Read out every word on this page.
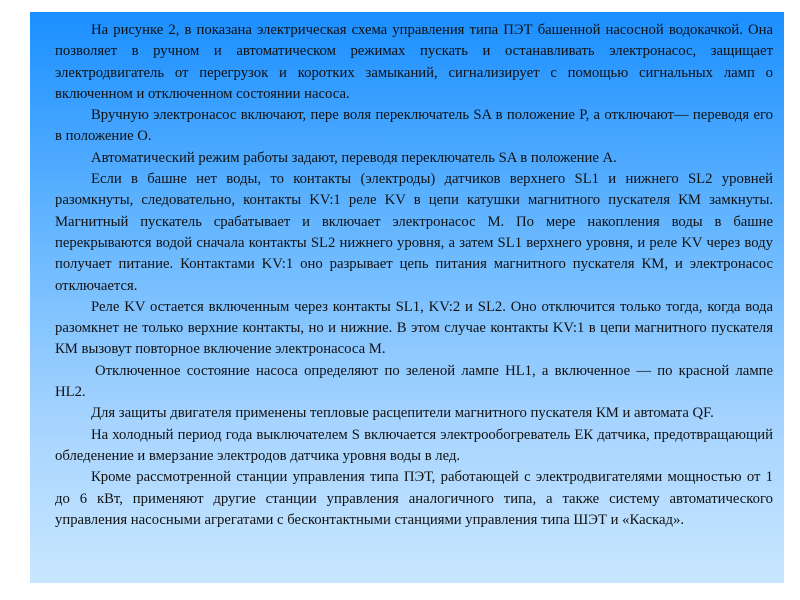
На рисунке 2, в показана электрическая схема управления типа ПЭТ башенной насосной водокачкой. Она позволяет в ручном и автоматическом режимах пускать и останавливать электронасос, защищает электродвигатель от перегрузок и коротких замыканий, сигнализирует с помощью сигнальных ламп о включенном и отключенном состоянии насоса.

Вручную электронасос включают, пере воля переключатель SA в положение Р, а отключают— переводя его в положение О.

Автоматический режим работы задают, переводя переключатель SA в положение А.

Если в башне нет воды, то контакты (электроды) датчиков верхнего SL1 и нижнего SL2 уровней разомкнуты, следовательно, контакты KV:1 реле KV в цепи катушки магнитного пускателя КМ замкнуты. Магнитный пускатель срабатывает и включает электронасос М. По мере накопления воды в башне перекрываются водой сначала контакты SL2 нижнего уровня, а затем SL1 верхнего уровня, и реле KV через воду получает питание. Контактами KV:1 оно разрывает цепь питания магнитного пускателя КМ, и электронасос отключается.

Реле KV остается включенным через контакты SL1, KV:2 и SL2. Оно отключится только тогда, когда вода разомкнет не только верхние контакты, но и нижние. В этом случае контакты KV:1 в цепи магнитного пускателя КМ вызовут повторное включение электронасоса М.

Отключенное состояние насоса определяют по зеленой лампе HL1, а включенное — по красной лампе HL2.

Для защиты двигателя применены тепловые расцепители магнитного пускателя КМ и автомата QF.

На холодный период года выключателем S включается электрообогреватель ЕК датчика, предотвращающий обледенение и вмерзание электродов датчика уровня воды в лед.

Кроме рассмотренной станции управления типа ПЭТ, работающей с электродвигателями мощностью от 1 до 6 кВт, применяют другие станции управления аналогичного типа, а также систему автоматического управления насосными агрегатами с бесконтактными станциями управления типа ШЭТ и «Каскад».
